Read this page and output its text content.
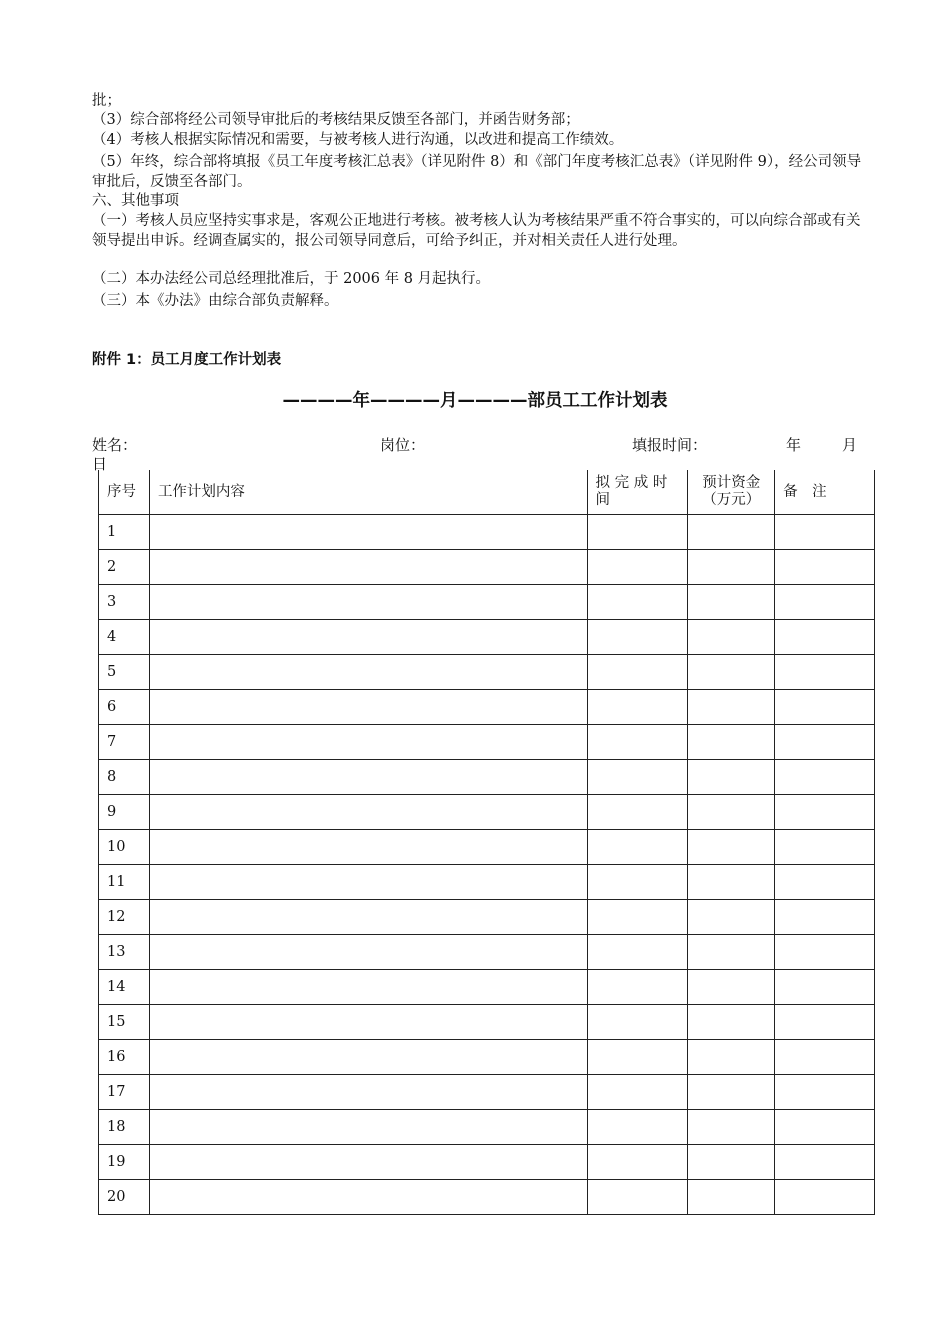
批；
（3）综合部将经公司领导审批后的考核结果反馈至各部门，并函告财务部；
（4）考核人根据实际情况和需要，与被考核人进行沟通，以改进和提高工作绩效。
（5）年终，综合部将填报《员工年度考核汇总表》（详见附件 8）和《部门年度考核汇总表》（详见附件 9），经公司领导审批后，反馈至各部门。
六、其他事项
（一）考核人员应坚持实事求是，客观公正地进行考核。被考核人认为考核结果严重不符合事实的，可以向综合部或有关领导提出申诉。经调查属实的，报公司领导同意后，可给予纠正，并对相关责任人进行处理。
（二）本办法经公司总经理批准后，于 2006 年 8 月起执行。
（三）本《办法》由综合部负责解释。
附件 1：员工月度工作计划表
————年————月————部员工工作计划表
姓名：	岗位：	填报时间：	年	月
日
序号	工作计划内容	拟 完 成 时 间	预计资金（万元）	备　注
1				
2				
3				
4				
5				
6				
7				
8				
9				
10				
11				
12				
13				
14				
15				
16				
17				
18				
19				
20				
